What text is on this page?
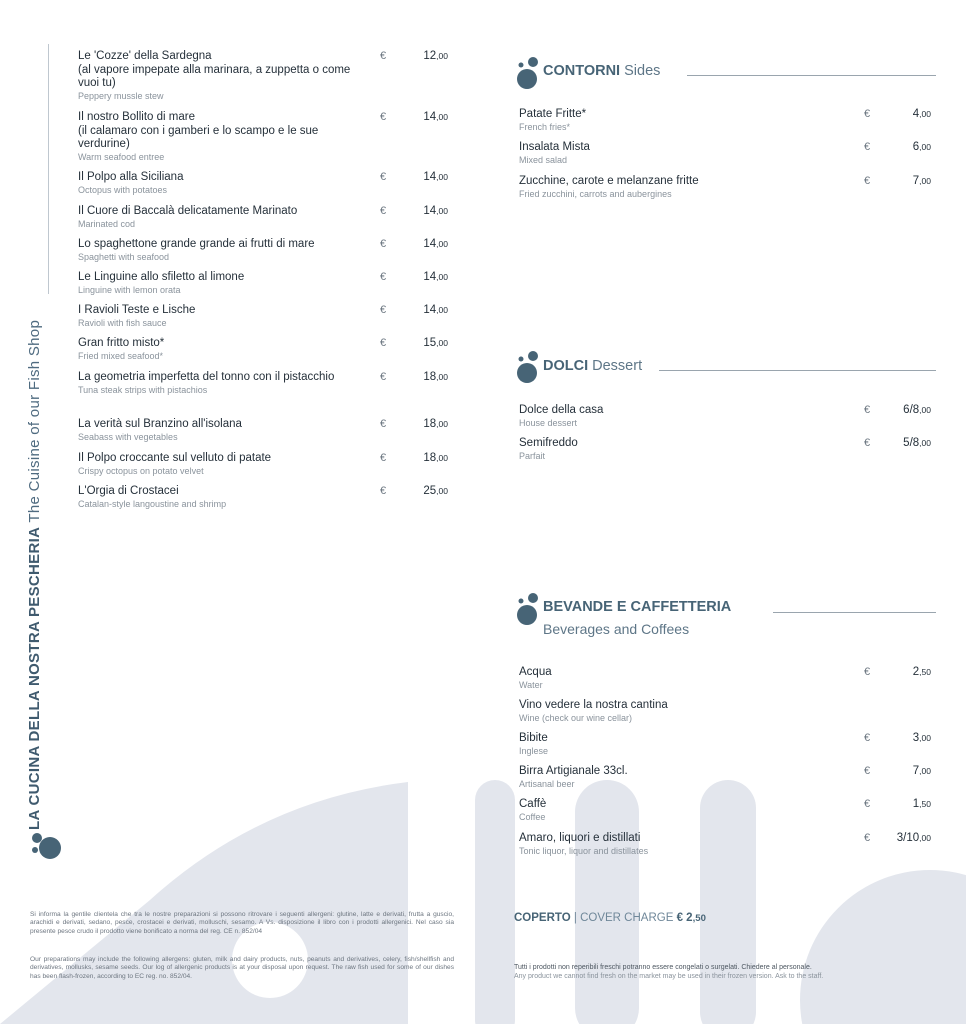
LA CUCINA DELLA NOSTRA PESCHERIA The Cuisine of our Fish Shop
Le 'Cozze' della Sardegna
(al vapore impepate alla marinara, a zuppetta o come vuoi tu)
Peppery mussle stew
€	12,00
Il nostro Bollito di mare
(il calamaro con i gamberi e lo scampo e le sue verdurine)
Warm seafood entree
€	14,00
Il Polpo alla Siciliana
Octopus with potatoes
€	14,00
Il Cuore di Baccalà delicatamente Marinato
Marinated cod
€	14,00
Lo spaghettone grande grande ai frutti di mare
Spaghetti with seafood
€	14,00
Le Linguine allo sfiletto al limone
Linguine with lemon orata
€	14,00
I Ravioli Teste e Lische
Ravioli with fish sauce
€	14,00
Gran fritto misto*
Fried mixed seafood*
€	15,00
La geometria imperfetta del tonno con il pistacchio
Tuna steak strips with pistachios
€	18,00
La verità sul Branzino all'isolana
Seabass with vegetables
€	18,00
Il Polpo croccante sul velluto di patate
Crispy octopus on potato velvet
€	18,00
L'Orgia di Crostacei
Catalan-style langoustine and shrimp
€	25,00
CONTORNI Sides
Patate Fritte*
French fries*
€	4,00
Insalata Mista
Mixed salad
€	6,00
Zucchine, carote e melanzane fritte
Fried zucchini, carrots and aubergines
€	7,00
DOLCI Dessert
Dolce della casa
House dessert
€	6/8,00
Semifreddo
Parfait
€	5/8,00
BEVANDE E CAFFETTERIA
Beverages and Coffees
Acqua
Water
€	2,50
Vino vedere la nostra cantina
Wine (check our wine cellar)
Bibite
Inglese
€	3,00
Birra Artigianale 33cl.
Artisanal beer
€	7,00
Caffè
Coffee
€	1,50
Amaro, liquori e distillati
Tonic liquor, liquor and distillates
€	3/10,00
COPERTO | COVER CHARGE € 2,50
Si informa la gentile clientela che tra le nostre preparazioni si possono ritrovare i seguenti allergeni: glutine, latte e derivati, frutta a guscio, arachidi e derivati, sedano, pesce, crostacei e derivati, molluschi, sesamo. A Vs. disposizione il libro con i prodotti allergenici. Nel caso sia presente pesce crudo il prodotto viene bonificato a norma del reg. CE n. 852/04
Our preparations may include the following allergens: gluten, milk and dairy products, nuts, peanuts and derivatives, celery, fish/shellfish and derivatives, mollusks, sesame seeds. Our log of allergenic products is at your disposal upon request. The raw fish used for some of our dishes has been flash-frozen, according to EC reg. no. 852/04.
Tutti i prodotti non reperibili freschi potranno essere congelati o surgelati. Chiedere al personale.
Any product we cannot find fresh on the market may be used in their frozen version. Ask to the staff.
